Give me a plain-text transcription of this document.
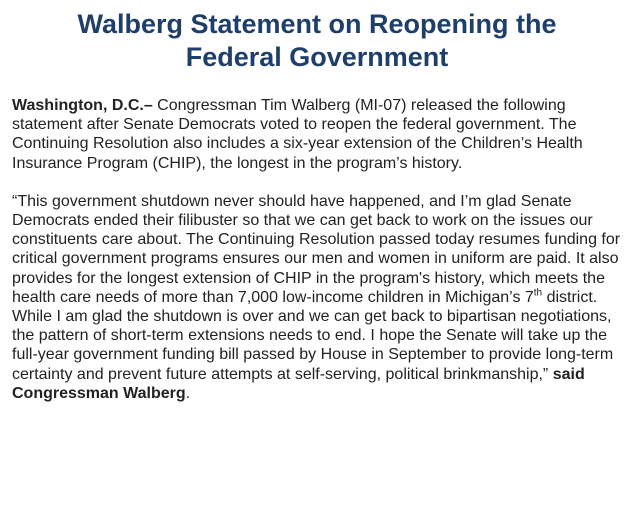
Walberg Statement on Reopening the
Federal Government

Washington, D.C.– Congressman Tim Walberg (MI-07) released the following statement after Senate Democrats voted to reopen the federal government. The Continuing Resolution also includes a six-year extension of the Children’s Health Insurance Program (CHIP), the longest in the program’s history.

“This government shutdown never should have happened, and I’m glad Senate Democrats ended their filibuster so that we can get back to work on the issues our constituents care about. The Continuing Resolution passed today resumes funding for critical government programs ensures our men and women in uniform are paid. It also provides for the longest extension of CHIP in the program's history, which meets the health care needs of more than 7,000 low-income children in Michigan’s 7th district. While I am glad the shutdown is over and we can get back to bipartisan negotiations, the pattern of short-term extensions needs to end. I hope the Senate will take up the full-year government funding bill passed by House in September to provide long-term certainty and prevent future attempts at self-serving, political brinkmanship,” said Congressman Walberg.
